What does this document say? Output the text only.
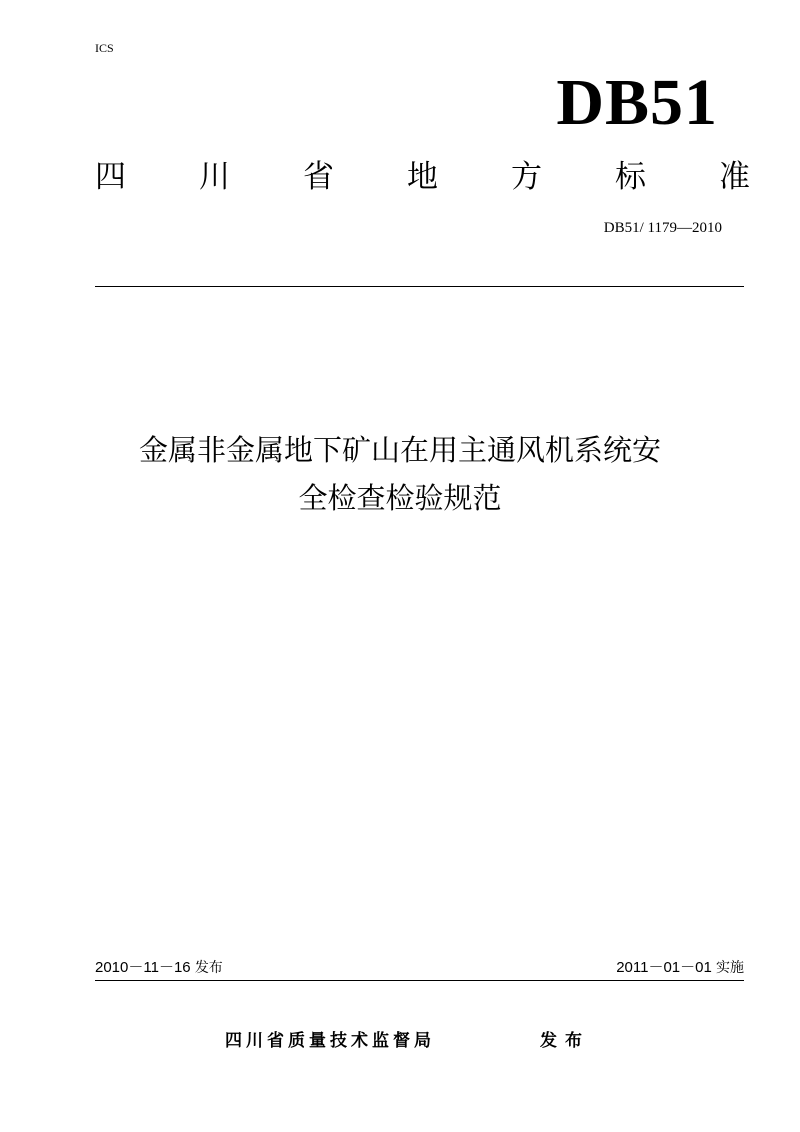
ICS
DB51
四 川 省 地 方 标 准
DB51/ 1179—2010
金属非金属地下矿山在用主通风机系统安
全检查检验规范
2010－11－16 发布	2011－01－01 实施
四川省质量技术监督局	发布
